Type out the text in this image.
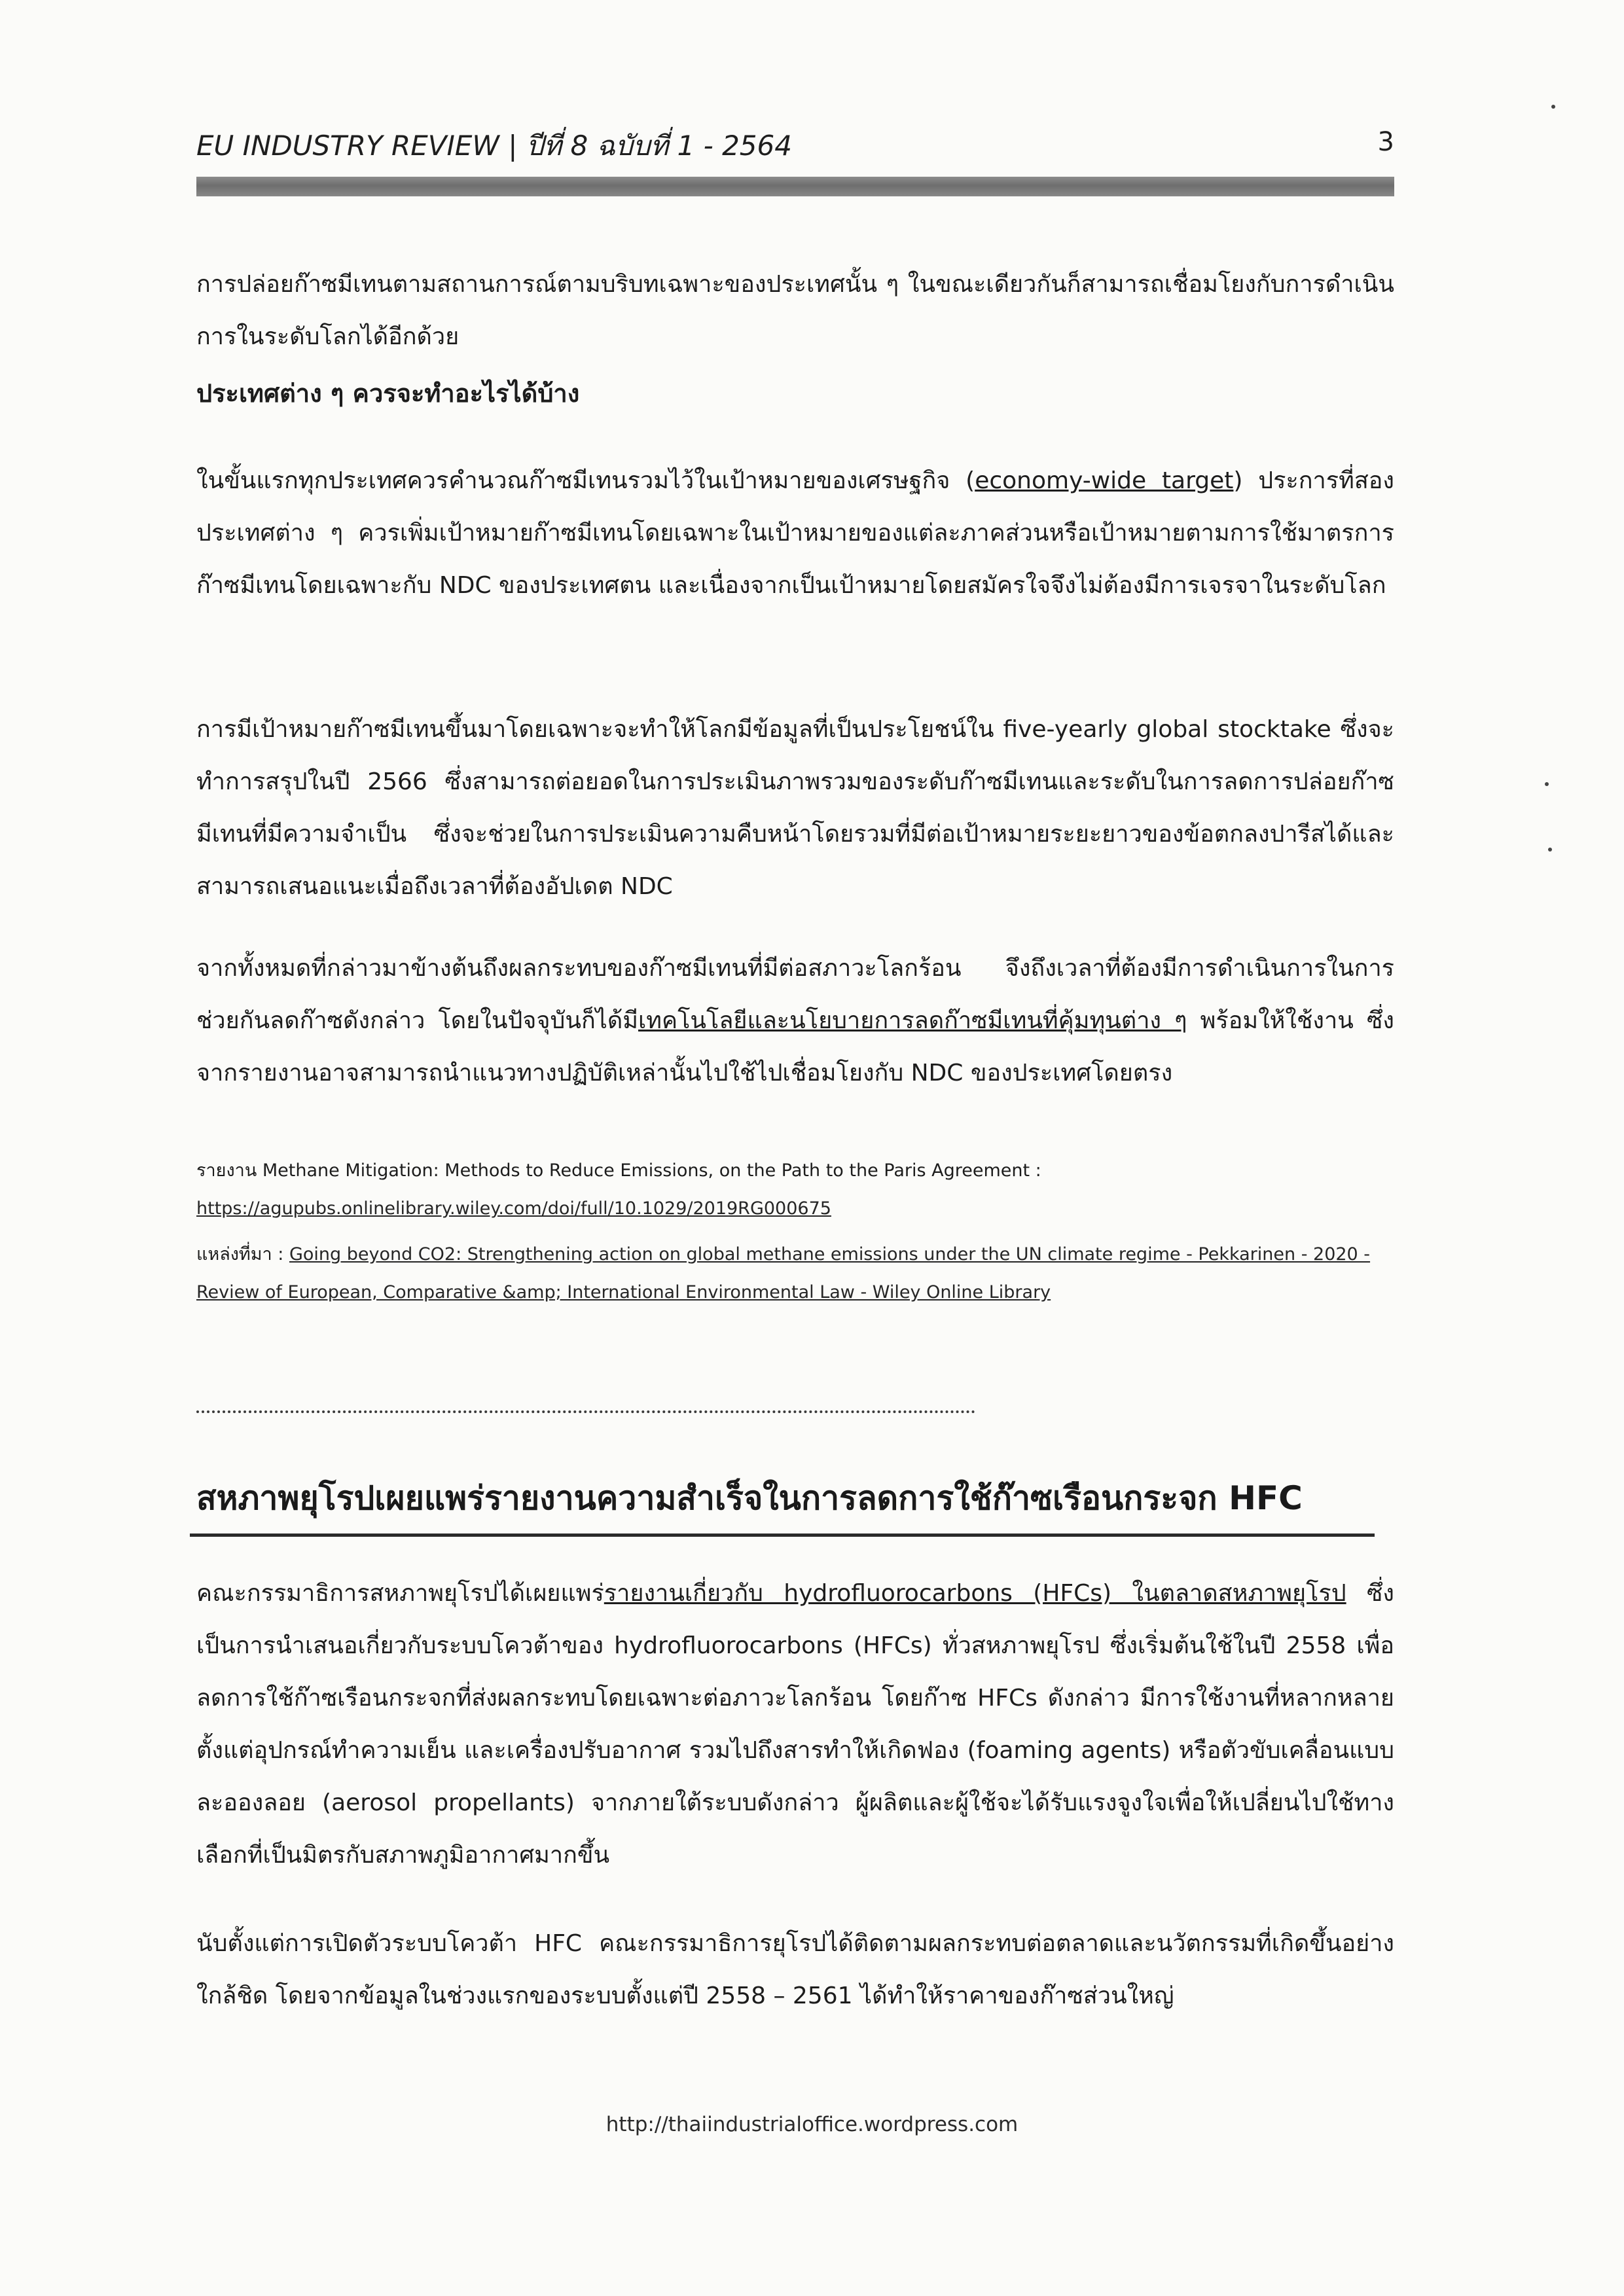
EU INDUSTRY REVIEW | ปีที่ 8 ฉบับที่ 1 - 2564	3

การปล่อยก๊าซมีเทนตามสถานการณ์ตามบริบทเฉพาะของประเทศนั้น ๆ ในขณะเดียวกันก็สามารถเชื่อมโยงกับการดำเนินการในระดับโลกได้อีกด้วย

ประเทศต่าง ๆ ควรจะทำอะไรได้บ้าง

ในขั้นแรกทุกประเทศควรคำนวณก๊าซมีเทนรวมไว้ในเป้าหมายของเศรษฐกิจ (economy-wide target) ประการที่สองประเทศต่าง ๆ ควรเพิ่มเป้าหมายก๊าซมีเทนโดยเฉพาะในเป้าหมายของแต่ละภาคส่วนหรือเป้าหมายตามการใช้มาตรการก๊าซมีเทนโดยเฉพาะกับ NDC ของประเทศตน และเนื่องจากเป็นเป้าหมายโดยสมัครใจจึงไม่ต้องมีการเจรจาในระดับโลก

การมีเป้าหมายก๊าซมีเทนขึ้นมาโดยเฉพาะจะทำให้โลกมีข้อมูลที่เป็นประโยชน์ใน five-yearly global stocktake ซึ่งจะทำการสรุปในปี 2566 ซึ่งสามารถต่อยอดในการประเมินภาพรวมของระดับก๊าซมีเทนและระดับในการลดการปล่อยก๊าซมีเทนที่มีความจำเป็น ซึ่งจะช่วยในการประเมินความคืบหน้าโดยรวมที่มีต่อเป้าหมายระยะยาวของข้อตกลงปารีสได้และสามารถเสนอแนะเมื่อถึงเวลาที่ต้องอัปเดต NDC

จากทั้งหมดที่กล่าวมาข้างต้นถึงผลกระทบของก๊าซมีเทนที่มีต่อสภาวะโลกร้อน จึงถึงเวลาที่ต้องมีการดำเนินการในการช่วยกันลดก๊าซดังกล่าว โดยในปัจจุบันก็ได้มีเทคโนโลยีและนโยบายการลดก๊าซมีเทนที่คุ้มทุนต่าง ๆ พร้อมให้ใช้งาน ซึ่งจากรายงานอาจสามารถนำแนวทางปฏิบัติเหล่านั้นไปใช้ไปเชื่อมโยงกับ NDC ของประเทศโดยตรง

รายงาน Methane Mitigation: Methods to Reduce Emissions, on the Path to the Paris Agreement :

https://agupubs.onlinelibrary.wiley.com/doi/full/10.1029/2019RG000675

แหล่งที่มา : Going beyond CO2: Strengthening action on global methane emissions under the UN climate regime - Pekkarinen - 2020 - Review of European, Comparative &amp; International Environmental Law - Wiley Online Library

สหภาพยุโรปเผยแพร่รายงานความสำเร็จในการลดการใช้ก๊าซเรือนกระจก HFC

คณะกรรมาธิการสหภาพยุโรปได้เผยแพร่รายงานเกี่ยวกับ hydrofluorocarbons (HFCs) ในตลาดสหภาพยุโรป ซึ่งเป็นการนำเสนอเกี่ยวกับระบบโควต้าของ hydrofluorocarbons (HFCs) ทั่วสหภาพยุโรป ซึ่งเริ่มต้นใช้ในปี 2558 เพื่อลดการใช้ก๊าซเรือนกระจกที่ส่งผลกระทบโดยเฉพาะต่อภาวะโลกร้อน โดยก๊าซ HFCs ดังกล่าว มีการใช้งานที่หลากหลายตั้งแต่อุปกรณ์ทำความเย็น และเครื่องปรับอากาศ รวมไปถึงสารทำให้เกิดฟอง (foaming agents) หรือตัวขับเคลื่อนแบบละอองลอย (aerosol propellants) จากภายใต้ระบบดังกล่าว ผู้ผลิตและผู้ใช้จะได้รับแรงจูงใจเพื่อให้เปลี่ยนไปใช้ทางเลือกที่เป็นมิตรกับสภาพภูมิอากาศมากขึ้น

นับตั้งแต่การเปิดตัวระบบโควต้า HFC คณะกรรมาธิการยุโรปได้ติดตามผลกระทบต่อตลาดและนวัตกรรมที่เกิดขึ้นอย่างใกล้ชิด โดยจากข้อมูลในช่วงแรกของระบบตั้งแต่ปี 2558 – 2561 ได้ทำให้ราคาของก๊าซส่วนใหญ่

http://thaiindustrialoffice.wordpress.com
